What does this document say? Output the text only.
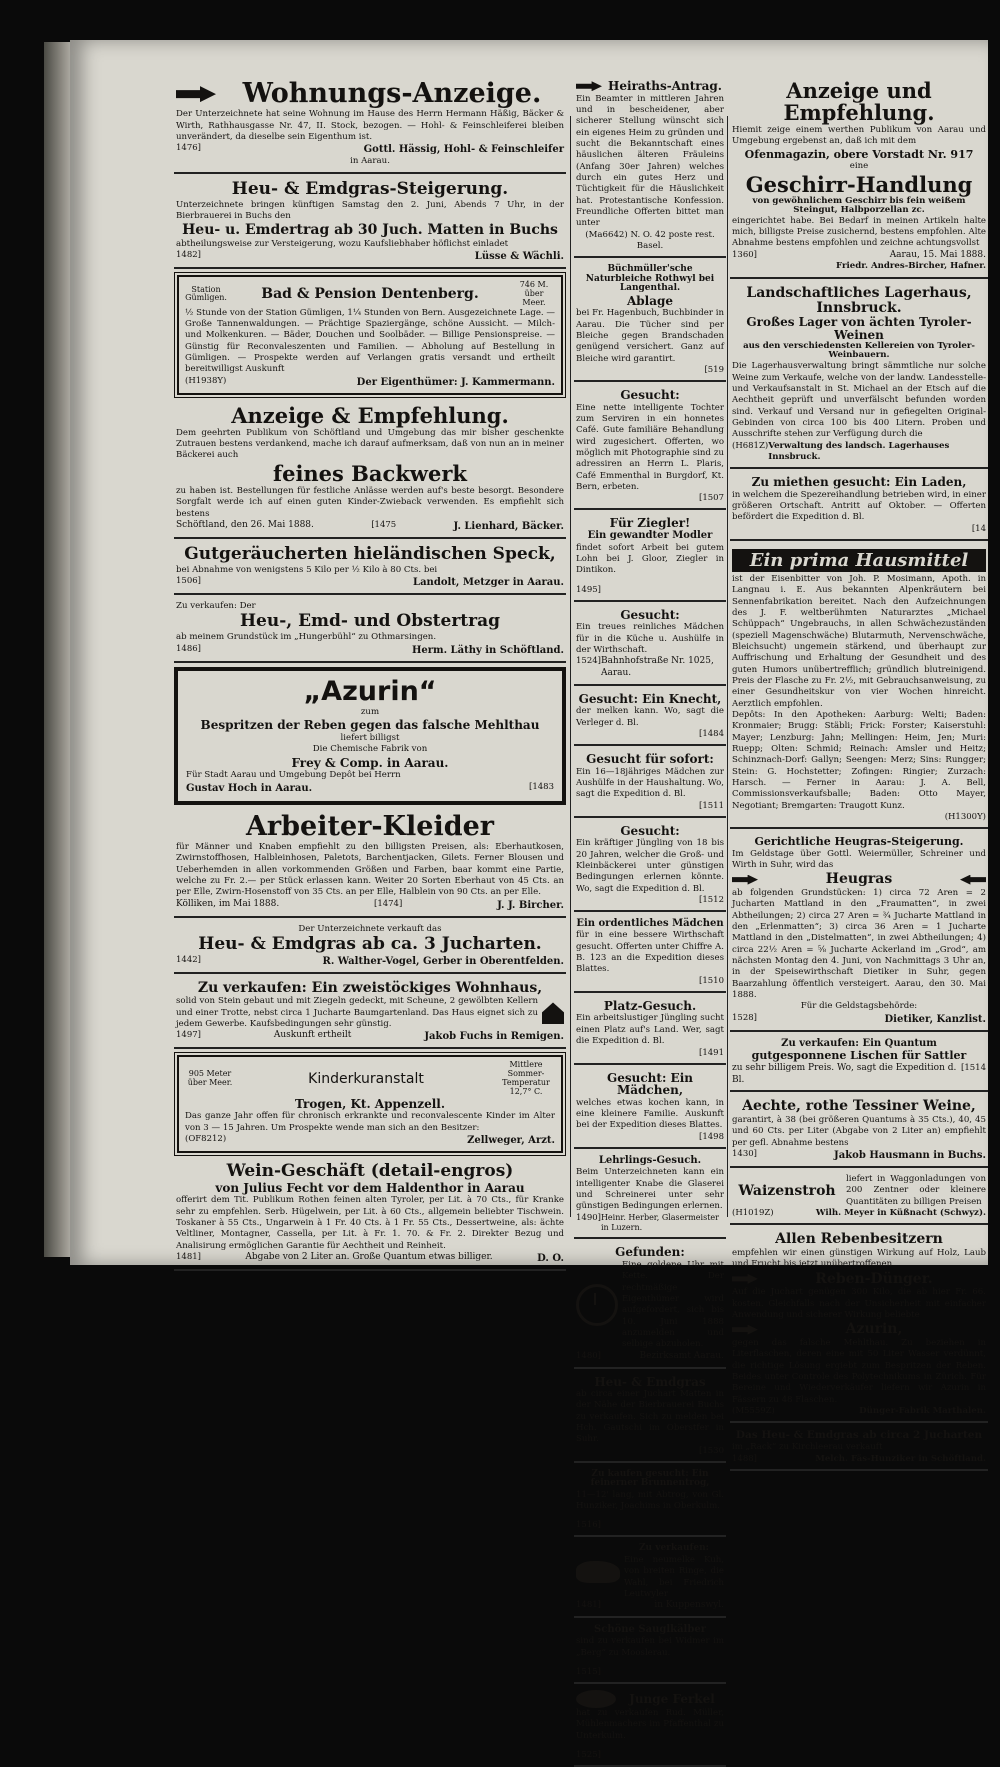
Wohnungs-Anzeige.

Der Unterzeichnete hat seine Wohnung im Hause des Herrn Hermann Häßig, Bäcker & Wirth, Rathhausgasse Nr. 47, II. Stock, bezogen. — Hohl- & Feinschleiferei bleiben unverändert, da dieselbe sein Eigenthum ist.

1476]	Gottl. Hässig, Hohl- & Feinschleifer

in Aarau.

Heu- & Emdgras-Steigerung.

Unterzeichnete bringen künftigen Samstag den 2. Juni, Abends 7 Uhr, in der Bierbrauerei in Buchs den

Heu- u. Emdertrag ab 30 Juch. Matten in Buchs

abtheilungsweise zur Versteigerung, wozu Kaufsliebhaber höflichst einladet

1482]	Lüsse & Wächli.
Station Gümligen.	Bad & Pension Dentenberg.
746 M. über Meer.

½ Stunde von der Station Gümligen, 1¼ Stunden von Bern. Ausgezeichnete Lage. — Große Tannenwaldungen. — Prächtige Spaziergänge, schöne Aussicht. — Milch- und Molkenkuren. — Bäder, Douchen und Soolbäder. — Billige Pensionspreise. — Günstig für Reconvaleszenten und Familien. — Abholung auf Bestellung in Gümligen. — Prospekte werden auf Verlangen gratis versandt und ertheilt bereitwilligst Auskunft

(H1938Y)	Der Eigenthümer: J. Kammermann.
Anzeige & Empfehlung.

Dem geehrten Publikum von Schöftland und Umgebung das mir bisher geschenkte Zutrauen bestens verdankend, mache ich darauf aufmerksam, daß von nun an in meiner Bäckerei auch

feines Backwerk

zu haben ist. Bestellungen für festliche Anlässe werden auf's beste besorgt. Besondere Sorgfalt werde ich auf einen guten Kinder-Zwieback verwenden. Es empfiehlt sich bestens

Schöftland, den 26. Mai 1888.	[1475	J. Lienhard, Bäcker.
Gutgeräucherten hieländischen Speck,

bei Abnahme von wenigstens 5 Kilo per ½ Kilo à 80 Cts. bei

1506]	Landolt, Metzger in Aarau.

Zu verkaufen: Der

Heu-, Emd- und Obstertrag

ab meinem Grundstück im „Hungerbühl“ zu Othmarsingen.

1486]	Herm. Läthy in Schöftland.
„Azurin“

zum

Bespritzen der Reben gegen das falsche Mehlthau

liefert billigst

Die Chemische Fabrik von

Frey & Comp. in Aarau.

Für Stadt Aarau und Umgebung Depôt bei Herrn

Gustav Hoch in Aarau.	[1483
Arbeiter-Kleider

für Männer und Knaben empfiehlt zu den billigsten Preisen, als: Eberhautkosen, Zwirnstoffhosen, Halbleinhosen, Paletots, Barchentjacken, Gilets. Ferner Blousen und Ueberhemden in allen vorkommenden Größen und Farben, baar kommt eine Partie, welche zu Fr. 2.— per Stück erlassen kann. Weiter 20 Sorten Eberhaut von 45 Cts. an per Elle, Zwirn-Hosenstoff von 35 Cts. an per Elle, Halblein von 90 Cts. an per Elle.

Kölliken, im Mai 1888.	[1474]	J. J. Bircher.

Der Unterzeichnete verkauft das

Heu- & Emdgras ab ca. 3 Jucharten.
1442]	R. Walther-Vogel, Gerber in Oberentfelden.
Zu verkaufen: Ein zweistöckiges Wohnhaus,

solid von Stein gebaut und mit Ziegeln gedeckt, mit Scheune, 2 gewölbten Kellern und einer Trotte, nebst circa 1 Jucharte Baumgartenland. Das Haus eignet sich zu jedem Gewerbe. Kaufsbedingungen sehr günstig.

1497]	Auskunft ertheilt	Jakob Fuchs in Remigen.
905 Meter über Meer.	Kinderkuranstalt
Mittlere Sommer-Temperatur 12,7° C.
Trogen, Kt. Appenzell.

Das ganze Jahr offen für chronisch erkrankte und reconvalescente Kinder im Alter von 3 — 15 Jahren. Um Prospekte wende man sich an den Besitzer:

(OF8212)	Zellweger, Arzt.
Wein-Geschäft (detail-engros)
von Julius Fecht vor dem Haldenthor in Aarau

offerirt dem Tit. Publikum Rothen feinen alten Tyroler, per Lit. à 70 Cts., für Kranke sehr zu empfehlen. Serb. Hügelwein, per Lit. à 60 Cts., allgemein beliebter Tischwein. Toskaner à 55 Cts., Ungarwein à 1 Fr. 40 Cts. à 1 Fr. 55 Cts., Dessertweine, als: ächte Veltliner, Montagner, Cassella, per Lit. à Fr. 1. 70. & Fr. 2. Direkter Bezug und Analisirung ermöglichen Garantie für Aechtheit und Reinheit.

1481]	Abgabe von 2 Liter an. Große Quantum etwas billiger.	D. O.
Heiraths-Antrag.

Ein Beamter in mittleren Jahren und in bescheidener, aber sicherer Stellung wünscht sich ein eigenes Heim zu gründen und sucht die Bekanntschaft eines häuslichen älteren Fräuleins (Anfang 30er Jahren) welches durch ein gutes Herz und Tüchtigkeit für die Häuslichkeit hat. Protestantische Konfession. Freundliche Offerten bittet man unter

(Ma6642) N. O. 42 poste rest. Basel.

Büchmüller'sche Naturbleiche Rothwyl bei Langenthal.
Ablage

bei Fr. Hagenbuch, Buchbinder in Aarau. Die Tücher sind per Bleiche gegen Brandschaden genügend versichert. Ganz auf Bleiche wird garantirt.

[519
Gesucht:

Eine nette intelligente Tochter zum Serviren in ein honnetes Café. Gute familiäre Behandlung wird zugesichert. Offerten, wo möglich mit Photographie sind zu adressiren an Herrn L. Plaris, Café Emmenthal in Burgdorf, Kt. Bern, erbeten.

[1507
Für Ziegler!
Ein gewandter Modler

findet sofort Arbeit bei gutem Lohn bei J. Gloor, Ziegler in Dintikon.

1495]
Gesucht:

Ein treues reinliches Mädchen für in die Küche u. Aushülfe in der Wirthschaft.

1524] Bahnhofstraße Nr. 1025, Aarau.
Gesucht: Ein Knecht,

der melken kann. Wo, sagt die Verleger d. Bl.

[1484
Gesucht für sofort:

Ein 16—18jähriges Mädchen zur Aushülfe in der Haushaltung. Wo, sagt die Expedition d. Bl.

[1511
Gesucht:

Ein kräftiger Jüngling von 18 bis 20 Jahren, welcher die Groß- und Kleinbäckerei unter günstigen Bedingungen erlernen könnte. Wo, sagt die Expedition d. Bl.

[1512
Ein ordentliches Mädchen

für in eine bessere Wirthschaft gesucht. Offerten unter Chiffre A. B. 123 an die Expedition dieses Blattes.

[1510
Platz-Gesuch.

Ein arbeitslustiger Jüngling sucht einen Platz auf's Land. Wer, sagt die Expedition d. Bl.

[1491
Gesucht: Ein Mädchen,

welches etwas kochen kann, in eine kleinere Familie. Auskunft bei der Expedition dieses Blattes.

[1498
Lehrlings-Gesuch.

Beim Unterzeichneten kann ein intelligenter Knabe die Glaserei und Schreinerei unter sehr günstigen Bedingungen erlernen.

1490] Heinr. Herber, Glasermeister in Luzern.
Gefunden:

Eine goldene Uhr mit Kette. Der rechtmäßige Eigenthümer wird aufgefordert, sich bis 10. Juni 1888 anzumelden und selbige abzuholen.

1480]	Bezirksamt Aarau.
Heu- & Emdgras

ab circa einer Juchart Matten in der Nähe der Bierbrauerei Buchs zu verkaufen. Sich zu melden bei Hch. Gautschi im Oberstfer in Suhr.

[1530
Zu kaufen gesucht: Ein feinerner Brunnentrog,

11—12' lang, mit Abtrog, von Gl. Hunziker, Joachims in Oberkulm.

1516]
Zu verkaufen:

Eine neumelke Kuh, von breiten Ringe, die Wahl, bei Friedrich Leutwyler

1481]	in Kuppenswyl.
Schöne Sauglkälber

sind zu verkaufen bei Widmer im „Berg“ zu Mooslerau.

1515]
Junge Ferkel

hat zu verkaufen Rud. Müller, Mühlenmachers im Pfaffenthal zu Unterkulm.

1525]
Anzeige und Empfehlung.

Hiemit zeige einem werthen Publikum von Aarau und Umgebung ergebenst an, daß ich mit dem

Ofenmagazin, obere Vorstadt Nr. 917

eine

Geschirr-Handlung
von gewöhnlichem Geschirr bis fein weißem Steingut, Halbporzellan zc.

eingerichtet habe. Bei Bedarf in meinen Artikeln halte mich, billigste Preise zusichernd, bestens empfohlen. Alte Abnahme bestens empfohlen und zeichne achtungsvollst

1360]	Aarau, 15. Mai 1888.

Friedr. Andres-Bircher, Hafner.

Landschaftliches Lagerhaus, Innsbruck.
Großes Lager von ächten Tyroler-Weinen
aus den verschiedensten Kellereien von Tyroler-Weinbauern.

Die Lagerhausverwaltung bringt sämmtliche nur solche Weine zum Verkaufe, welche von der landw. Landesstelle- und Verkaufsanstalt in St. Michael an der Etsch auf die Aechtheit geprüft und unverfälscht befunden worden sind. Verkauf und Versand nur in gefiegelten Original-Gebinden von circa 100 bis 400 Litern. Proben und Ausschrifte stehen zur Verfügung durch die

(H681Z) Verwaltung des landsch. Lagerhauses Innsbruck.
Zu miethen gesucht: Ein Laden,

in welchem die Spezereihandlung betrieben wird, in einer größeren Ortschaft. Antritt auf Oktober. — Offerten befördert die Expedition d. Bl.

[14
Ein prima Hausmittel

ist der Eisenbitter von Joh. P. Mosimann, Apoth. in Langnau i. E. Aus bekannten Alpenkräutern bei Sennenfabrikation bereitet. Nach den Aufzeichnungen des J. F. weltberühmten Naturarztes „Michael Schüppach“ Ungebrauchs, in allen Schwächezuständen (speziell Magenschwäche) Blutarmuth, Nervenschwäche, Bleichsucht) ungemein stärkend, und überhaupt zur Auffrischung und Erhaltung der Gesundheit und des guten Humors unübertrefflich; gründlich blutreinigend. Preis der Flasche zu Fr. 2½, mit Gebrauchsanweisung, zu einer Gesundheitskur von vier Wochen hinreicht. Aerztlich empfohlen.

Depôts: In den Apotheken: Aarburg: Welti; Baden: Kronmaier; Brugg: Stäbli; Frick: Forster; Kaiserstuhl: Mayer; Lenzburg: Jahn; Mellingen: Heim, Jen; Muri: Ruepp; Olten: Schmid; Reinach: Amsler und Heitz; Schinznach-Dorf: Gallyn; Seengen: Merz; Sins: Rungger; Stein: G. Hochstetter; Zofingen: Ringier; Zurzach: Harsch. — Ferner in Aarau: J. A. Bell, Commissionsverkaufsballe; Baden: Otto Mayer, Negotiant; Bremgarten: Traugott Kunz.

(H1300Y)
Gerichtliche Heugras-Steigerung.

Im Geldstage über Gottl. Weiermüller, Schreiner und Wirth in Suhr, wird das

Heugras

ab folgenden Grundstücken: 1) circa 72 Aren = 2 Jucharten Mattland in den „Fraumatten“, in zwei Abtheilungen; 2) circa 27 Aren = ¾ Jucharte Mattland in den „Erlenmatten“; 3) circa 36 Aren = 1 Jucharte Mattland in den „Distelmatten“, in zwei Abtheilungen; 4) circa 22½ Aren = ⅝ Jucharte Ackerland im „Grod“, am nächsten Montag den 4. Juni, von Nachmittags 3 Uhr an, in der Speisewirthschaft Dietiker in Suhr, gegen Baarzahlung öffentlich versteigert. Aarau, den 30. Mai 1888.

Für die Geldstagsbehörde:

1528]	Dietiker, Kanzlist.
Zu verkaufen: Ein Quantum
gutgesponnene Lischen für Sattler
zu sehr billigem Preis. Wo, sagt die Expedition d. Bl.
[1514
Aechte, rothe Tessiner Weine,

garantirt, à 38 (bei größeren Quantums à 35 Cts.), 40, 45 und 60 Cts. per Liter (Abgabe von 2 Liter an) empfiehlt per gefl. Abnahme bestens

1430]	Jakob Hausmann in Buchs.
Waizenstroh

liefert in Waggonladungen von 200 Zentner oder kleinere Quantitäten zu billigen Preisen

(H1019Z)	Wilh. Meyer in Küßnacht (Schwyz).
Allen Rebenbesitzern

empfehlen wir einen günstigen Wirkung auf Holz, Laub und Frucht bis jetzt unübertroffenen

Reben-Dünger.

Auf die Juchart genügen 300 Kilo, die ab hier Fr. 66. kosten. Gleichfalls nach der Unsicherheit mit einfacher Anwendung und sicherer Wirkung beliebte

Azurin,

gegen das falsche Mehlthau. Zu beziehen in Literflaschen, deren eine mit 50 Liter Wasser verdünnt, die richtige Lösung ergiebt zum Bespritzen der Reben. Beides unter Controle des Polytechnikums in Zürich. Für Bereine und Wiederverkäufer liefern wir Azurin in Fässern zu 48 Flaschen.

(M5559Z)	Dünger-Fabrik Marthalen.
Das Heu- & Emdgras ab circa 2 Jucharten

im „Rack“ zu Kirchleerau verkauft

1488]	Melch. Fäs-Hunziker in Schöftland.
